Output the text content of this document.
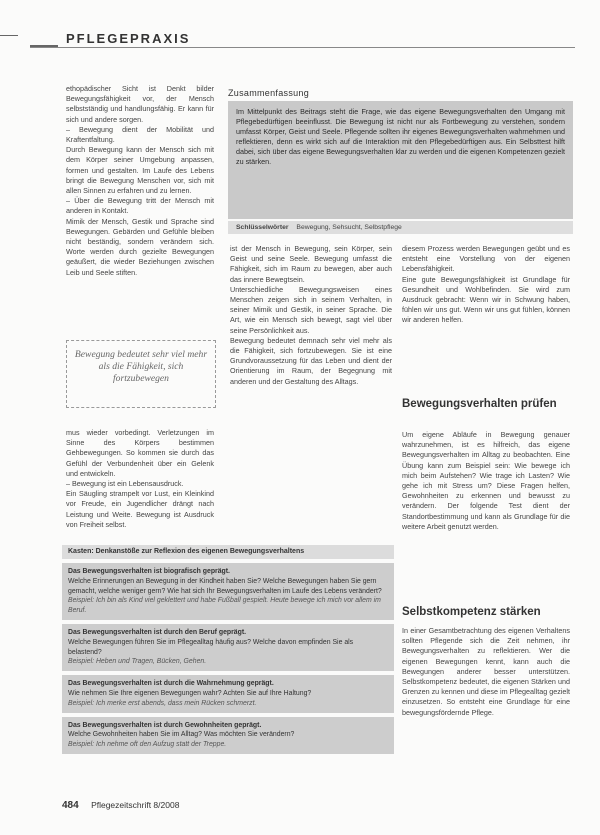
PFLEGEPRAXIS

ethopädischer Sicht ist Denkt bilder Bewegungsfähigkeit vor, der Mensch selbstständig und handlungsfähig. Er kann für sich und andere sorgen.

– Bewegung dient der Mobilität und Kraftentfaltung.

Durch Bewegung kann der Mensch sich mit dem Körper seiner Umgebung anpassen, formen und gestalten. Im Laufe des Lebens bringt die Bewegung Menschen vor, sich mit allen Sinnen zu erfahren und zu lernen.

– Über die Bewegung tritt der Mensch mit anderen in Kontakt.

Mimik der Mensch, Gestik und Sprache sind Bewegungen. Gebärden und Gefühle bleiben nicht beständig, sondern verändern sich. Worte werden durch gezielte Bewegungen geäußert, die wieder Beziehungen zwischen Leib und Seele stiften.

Bewegung bedeutet sehr viel mehr als die Fähigkeit, sich fortzubewegen

mus wieder vorbedingt. Verletzungen im Sinne des Körpers bestimmen Gehbewegungen. So kommen sie durch das Gefühl der Verbundenheit über ein Gelenk und entwickeln.

– Bewegung ist ein Lebensausdruck.

Ein Säugling strampelt vor Lust, ein Kleinkind vor Freude, ein Jugendlicher drängt nach Leistung und Weite. Bewegung ist Ausdruck von Freiheit selbst.

Zusammenfassung
Im Mittelpunkt des Beitrags steht die Frage, wie das eigene Bewegungsverhalten den Umgang mit Pflegebedürftigen beeinflusst. Die Bewegung ist nicht nur als Fortbewegung zu verstehen, sondern umfasst Körper, Geist und Seele. Pflegende sollten ihr eigenes Bewegungsverhalten wahrnehmen und reflektieren, denn es wirkt sich auf die Interaktion mit den Pflegebedürftigen aus. Ein Selbsttest hilft dabei, sich über das eigene Bewegungsverhalten klar zu werden und die eigenen Kompetenzen gezielt zu stärken.
Schlüsselwörter Bewegung, Sehsucht, Selbstpflege

ist der Mensch in Bewegung, sein Körper, sein Geist und seine Seele. Bewegung umfasst die Fähigkeit, sich im Raum zu bewegen, aber auch das innere Bewegtsein.

Unterschiedliche Bewegungsweisen eines Menschen zeigen sich in seinem Verhalten, in seiner Mimik und Gestik, in seiner Sprache. Die Art, wie ein Mensch sich bewegt, sagt viel über seine Persönlichkeit aus.

Bewegung bedeutet demnach sehr viel mehr als die Fähigkeit, sich fortzubewegen. Sie ist eine Grundvoraussetzung für das Leben und dient der Orientierung im Raum, der Begegnung mit anderen und der Gestaltung des Alltags.

diesem Prozess werden Bewegungen geübt und es entsteht eine Vorstellung von der eigenen Lebensfähigkeit.

Eine gute Bewegungsfähigkeit ist Grundlage für Gesundheit und Wohlbefinden. Sie wird zum Ausdruck gebracht: Wenn wir in Schwung haben, fühlen wir uns gut. Wenn wir uns gut fühlen, können wir anderen helfen.

Bewegungsverhalten prüfen

Um eigene Abläufe in Bewegung genauer wahrzunehmen, ist es hilfreich, das eigene Bewegungsverhalten im Alltag zu beobachten. Eine Übung kann zum Beispiel sein: Wie bewege ich mich beim Aufstehen? Wie trage ich Lasten? Wie gehe ich mit Stress um? Diese Fragen helfen, Gewohnheiten zu erkennen und bewusst zu verändern. Der folgende Test dient der Standortbestimmung und kann als Grundlage für die weitere Arbeit genutzt werden.

Selbstkompetenz stärken

In einer Gesamtbetrachtung des eigenen Verhaltens sollten Pflegende sich die Zeit nehmen, ihr Bewegungsverhalten zu reflektieren. Wer die eigenen Bewegungen kennt, kann auch die Bewegungen anderer besser unterstützen. Selbstkompetenz bedeutet, die eigenen Stärken und Grenzen zu kennen und diese im Pflegealltag gezielt einzusetzen. So entsteht eine Grundlage für eine bewegungsfördernde Pflege.

Kasten: Denkanstöße zur Reflexion des eigenen Bewegungsverhaltens
Das Bewegungsverhalten ist biografisch geprägt.
Welche Erinnerungen an Bewegung in der Kindheit haben Sie? Welche Bewegungen haben Sie gern gemacht, welche weniger gern? Wie hat sich Ihr Bewegungsverhalten im Laufe des Lebens verändert?
Beispiel: Ich bin als Kind viel geklettert und habe Fußball gespielt. Heute bewege ich mich vor allem im Beruf.
Das Bewegungsverhalten ist durch den Beruf geprägt.
Welche Bewegungen führen Sie im Pflegealltag häufig aus? Welche davon empfinden Sie als belastend?
Beispiel: Heben und Tragen, Bücken, Gehen.
Das Bewegungsverhalten ist durch die Wahrnehmung geprägt.
Wie nehmen Sie Ihre eigenen Bewegungen wahr? Achten Sie auf Ihre Haltung?
Beispiel: Ich merke erst abends, dass mein Rücken schmerzt.
Das Bewegungsverhalten ist durch Gewohnheiten geprägt.
Welche Gewohnheiten haben Sie im Alltag? Was möchten Sie verändern?
Beispiel: Ich nehme oft den Aufzug statt der Treppe.
484 Pflegezeitschrift 8/2008
